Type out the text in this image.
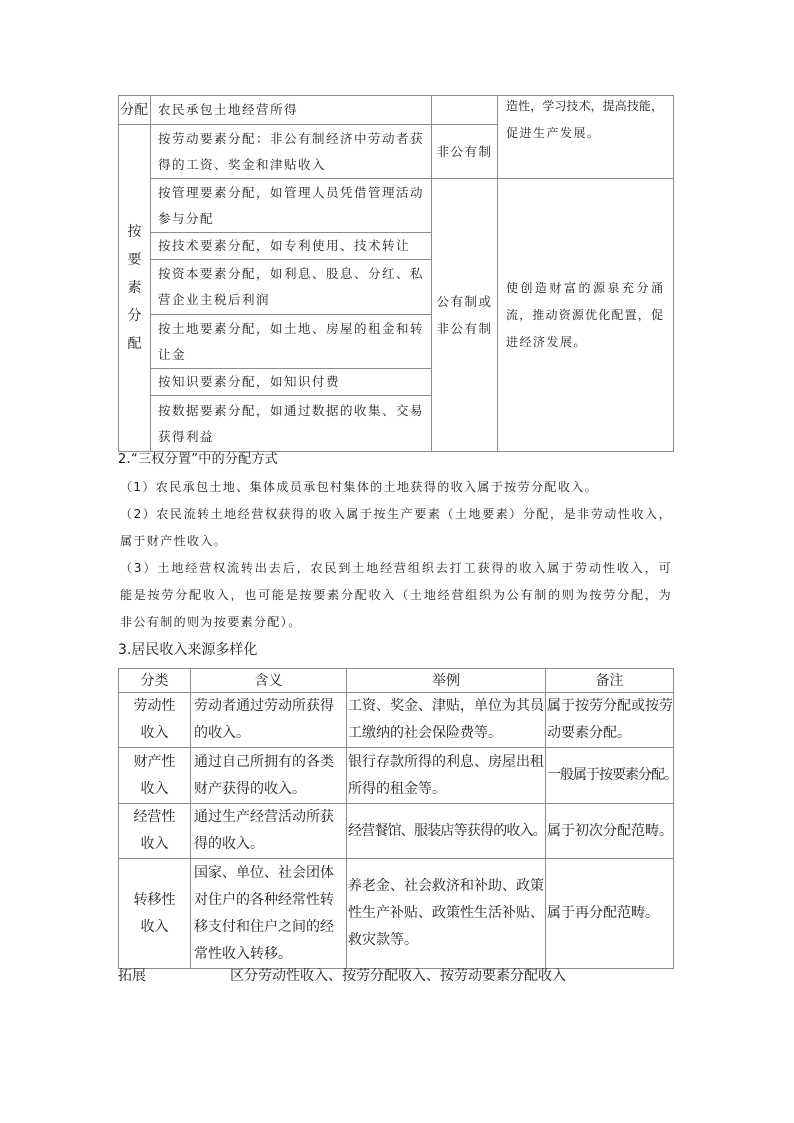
分配	农民承包土地经营所得		造性，学习技术，提高技能，
促进生产发展。

按要素分配	按劳动要素分配：非公有制经济中劳动者获
得的工资、奖金和津贴收入	非公有制	

	按管理要素分配，如管理人员凭借管理活动
参与分配	公有制或非公有制	使创造财富的源泉充分涌
流，推动资源优化配置，促
进经济发展。

	按技术要素分配，如专利使用、技术转让		

	按资本要素分配，如利息、股息、分红、私
营企业主税后利润		

	按土地要素分配，如土地、房屋的租金和转
让金		

	按知识要素分配，如知识付费		

	按数据要素分配，如通过数据的收集、交易
获得利益		
2.“三权分置”中的分配方式
（1）农民承包土地、集体成员承包村集体的土地获得的收入属于按劳分配收入。
（2）农民流转土地经营权获得的收入属于按生产要素（土地要素）分配，是非劳动性收入，
属于财产性收入。
（3）土地经营权流转出去后，农民到土地经营组织去打工获得的收入属于劳动性收入，可
能是按劳分配收入，也可能是按要素分配收入（土地经营组织为公有制的则为按劳分配，为
非公有制的则为按要素分配）。
3.居民收入来源多样化
分类	含义	举例	备注

劳动性
收入	劳动者通过劳动所获得
的收入。	工资、奖金、津贴，单位为其员
工缴纳的社会保险费等。	属于按劳分配或按劳
动要素分配。

财产性
收入	通过自己所拥有的各类
财产获得的收入。	银行存款所得的利息、房屋出租
所得的租金等。	一般属于按要素分配。

经营性
收入	通过生产经营活动所获
得的收入。	经营餐馆、服装店等获得的收入。	属于初次分配范畴。

转移性
收入	国家、单位、社会团体
对住户的各种经常性转
移支付和住户之间的经
常性收入转移。	养老金、社会救济和补助、政策
性生产补贴、政策性生活补贴、
救灾款等。	属于再分配范畴。
拓展	区分劳动性收入、按劳分配收入、按劳动要素分配收入
